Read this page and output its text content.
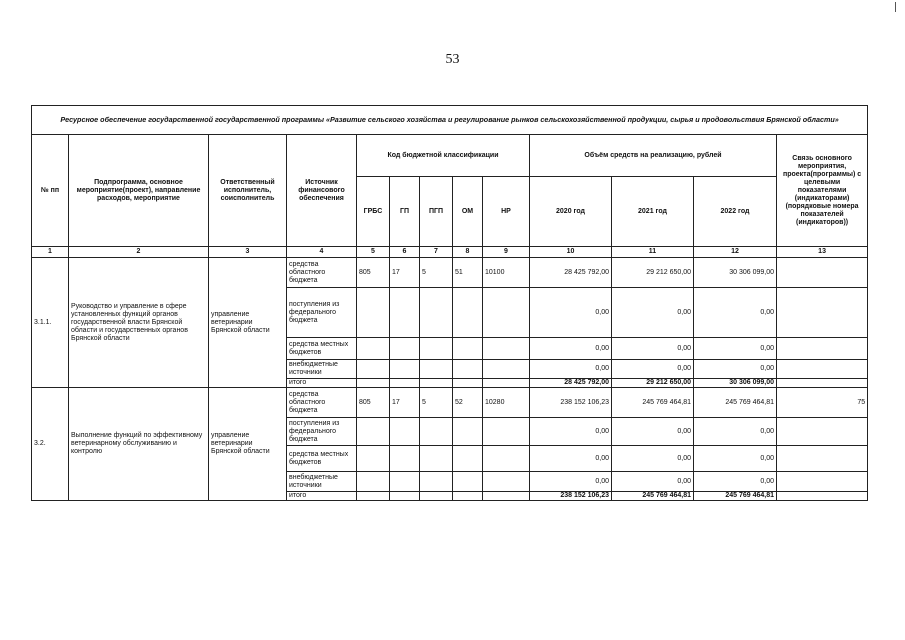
53
Ресурсное обеспечение государственной государственной программы «Развитие сельского хозяйства и регулирование рынков сельскохозяйственной продукции, сырья и продовольствия Брянской области»												
№ пп	Подпрограмма, основное мероприятие(проект), направление расходов, мероприятие	Ответственный исполнитель, соисполнитель	Источник финансового обеспечения	Код бюджетной классификации					Объём средств на реализацию, рублей			Связь основного мероприятия, проекта(программы) с целевыми показателями (индикаторами) (порядковые номера показателей (индикаторов))
				ГРБС	ГП	ПГП	ОМ	НР	2020 год	2021 год	2022 год	
1	2	3	4	5	6	7	8	9	10	11	12	13
3.1.1.	Руководство и управление в сфере установленных функций органов государственной власти Брянской области и государственных органов Брянской области	управление ветеринарии Брянской области	средства областного бюджета	805	17	5	51	10100	28 425 792,00	29 212 650,00	30 306 099,00	
			поступления из федерального бюджета						0,00	0,00	0,00	
			средства местных бюджетов						0,00	0,00	0,00	
			внебюджетные источники						0,00	0,00	0,00	
			итого						28 425 792,00	29 212 650,00	30 306 099,00	
3.2.	Выполнение функций по эффективному ветеринарному обслуживанию и контролю	управление ветеринарии Брянской области	средства областного бюджета	805	17	5	52	10280	238 152 106,23	245 769 464,81	245 769 464,81	75
			поступления из федерального бюджета						0,00	0,00	0,00	
			средства местных бюджетов						0,00	0,00	0,00	
			внебюджетные источники						0,00	0,00	0,00	
			итого						238 152 106,23	245 769 464,81	245 769 464,81	
